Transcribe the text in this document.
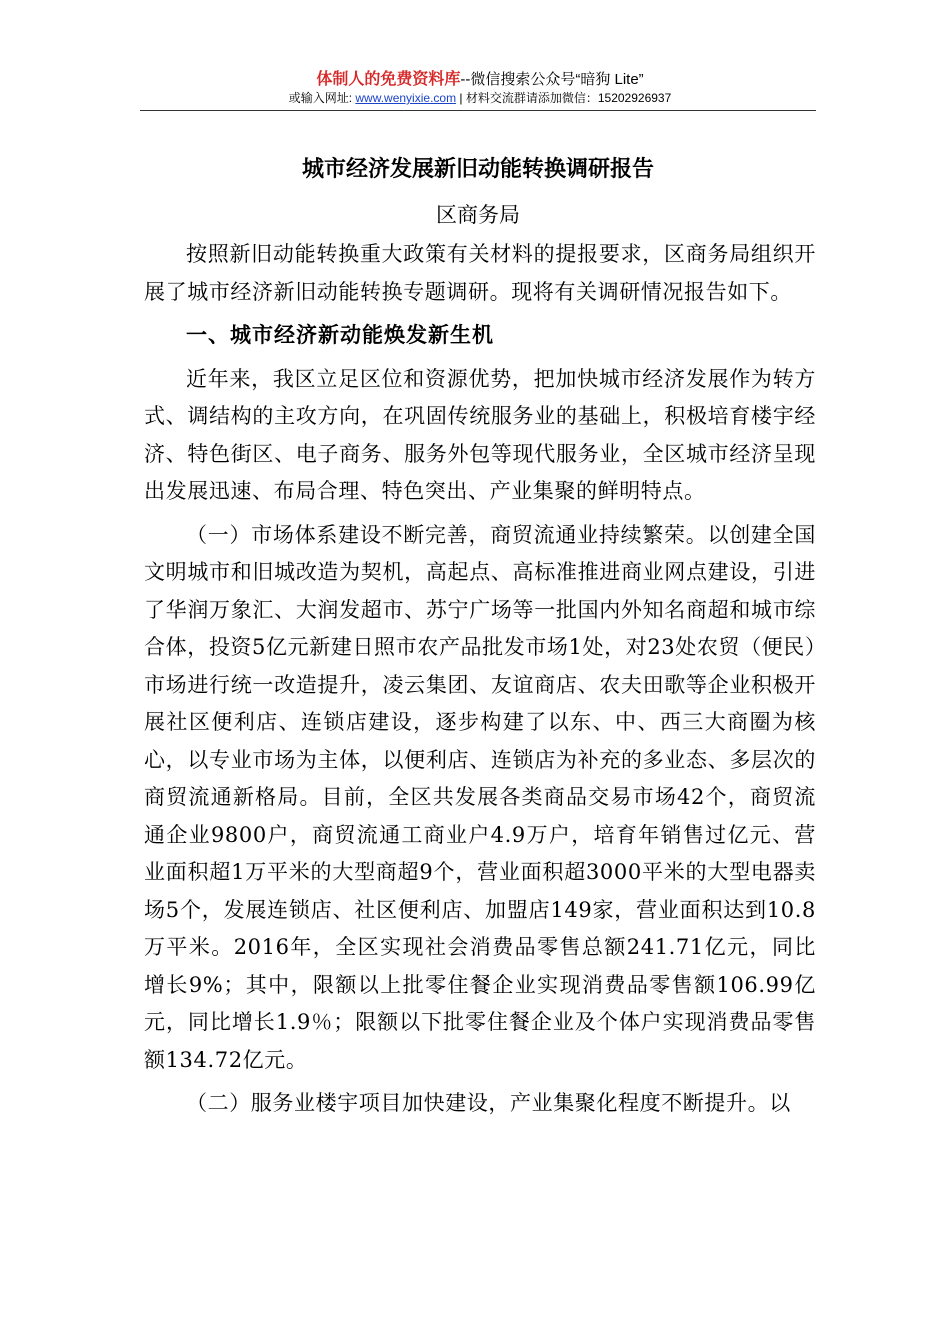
体制人的免费资料库--微信搜索公众号“暗狗 Lite”
或输入网址: www.wenyixie.com | 材料交流群请添加微信：15202926937
城市经济发展新旧动能转换调研报告
区商务局

按照新旧动能转换重大政策有关材料的提报要求，区商务局组织开展了城市经济新旧动能转换专题调研。现将有关调研情况报告如下。

一、城市经济新动能焕发新生机

近年来，我区立足区位和资源优势，把加快城市经济发展作为转方式、调结构的主攻方向，在巩固传统服务业的基础上，积极培育楼宇经济、特色街区、电子商务、服务外包等现代服务业，全区城市经济呈现出发展迅速、布局合理、特色突出、产业集聚的鲜明特点。

（一）市场体系建设不断完善，商贸流通业持续繁荣。以创建全国文明城市和旧城改造为契机，高起点、高标准推进商业网点建设，引进了华润万象汇、大润发超市、苏宁广场等一批国内外知名商超和城市综合体，投资5亿元新建日照市农产品批发市场1处，对23处农贸（便民）市场进行统一改造提升，凌云集团、友谊商店、农夫田歌等企业积极开展社区便利店、连锁店建设，逐步构建了以东、中、西三大商圈为核心，以专业市场为主体，以便利店、连锁店为补充的多业态、多层次的商贸流通新格局。目前，全区共发展各类商品交易市场42个，商贸流通企业9800户，商贸流通工商业户4.9万户，培育年销售过亿元、营业面积超1万平米的大型商超9个，营业面积超3000平米的大型电器卖场5个，发展连锁店、社区便利店、加盟店149家，营业面积达到10.8万平米。2016年，全区实现社会消费品零售总额241.71亿元，同比增长9%；其中，限额以上批零住餐企业实现消费品零售额106.99亿元，同比增长1.9％；限额以下批零住餐企业及个体户实现消费品零售额134.72亿元。

（二）服务业楼宇项目加快建设，产业集聚化程度不断提升。以
